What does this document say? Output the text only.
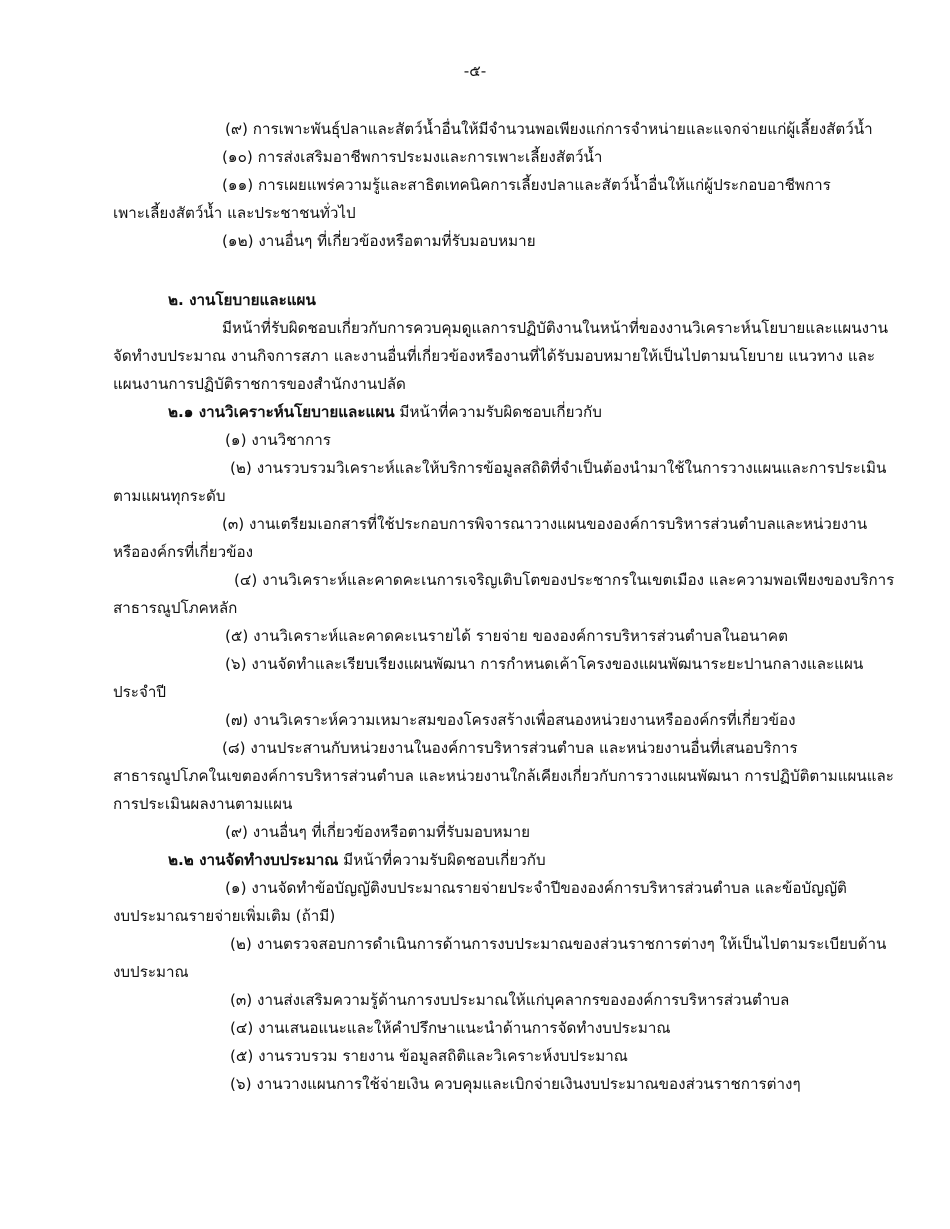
-๕-
(๙) การเพาะพันธุ์ปลาและสัตว์น้ำอื่นให้มีจำนวนพอเพียงแก่การจำหน่ายและแจกจ่ายแก่ผู้เลี้ยงสัตว์น้ำ
(๑๐) การส่งเสริมอาชีพการประมงและการเพาะเลี้ยงสัตว์น้ำ
(๑๑) การเผยแพร่ความรู้และสาธิตเทคนิคการเลี้ยงปลาและสัตว์น้ำอื่นให้แก่ผู้ประกอบอาชีพการ
เพาะเลี้ยงสัตว์น้ำ และประชาชนทั่วไป
(๑๒) งานอื่นๆ ที่เกี่ยวข้องหรือตามที่รับมอบหมาย
๒. งานโยบายและแผน
มีหน้าที่รับผิดชอบเกี่ยวกับการควบคุมดูแลการปฏิบัติงานในหน้าที่ของงานวิเคราะห์นโยบายและแผนงาน
จัดทำงบประมาณ งานกิจการสภา และงานอื่นที่เกี่ยวข้องหรืองานที่ได้รับมอบหมายให้เป็นไปตามนโยบาย แนวทาง และ
แผนงานการปฏิบัติราชการของสำนักงานปลัด
๒.๑ งานวิเคราะห์นโยบายและแผน มีหน้าที่ความรับผิดชอบเกี่ยวกับ
(๑) งานวิชาการ
(๒) งานรวบรวมวิเคราะห์และให้บริการข้อมูลสถิติที่จำเป็นต้องนำมาใช้ในการวางแผนและการประเมิน
ตามแผนทุกระดับ
(๓) งานเตรียมเอกสารที่ใช้ประกอบการพิจารณาวางแผนขององค์การบริหารส่วนตำบลและหน่วยงาน
หรือองค์กรที่เกี่ยวข้อง
(๔) งานวิเคราะห์และคาดคะเนการเจริญเติบโตของประชากรในเขตเมือง และความพอเพียงของบริการ
สาธารณูปโภคหลัก
(๕) งานวิเคราะห์และคาดคะเนรายได้ รายจ่าย ขององค์การบริหารส่วนตำบลในอนาคต
(๖) งานจัดทำและเรียบเรียงแผนพัฒนา การกำหนดเค้าโครงของแผนพัฒนาระยะปานกลางและแผน
ประจำปี
(๗) งานวิเคราะห์ความเหมาะสมของโครงสร้างเพื่อสนองหน่วยงานหรือองค์กรที่เกี่ยวข้อง
(๘) งานประสานกับหน่วยงานในองค์การบริหารส่วนตำบล และหน่วยงานอื่นที่เสนอบริการ
สาธารณูปโภคในเขตองค์การบริหารส่วนตำบล และหน่วยงานใกล้เคียงเกี่ยวกับการวางแผนพัฒนา การปฏิบัติตามแผนและ
การประเมินผลงานตามแผน
(๙) งานอื่นๆ ที่เกี่ยวข้องหรือตามที่รับมอบหมาย
๒.๒ งานจัดทำงบประมาณ มีหน้าที่ความรับผิดชอบเกี่ยวกับ
(๑) งานจัดทำข้อบัญญัติงบประมาณรายจ่ายประจำปีขององค์การบริหารส่วนตำบล และข้อบัญญัติ
งบประมาณรายจ่ายเพิ่มเติม (ถ้ามี)
(๒) งานตรวจสอบการดำเนินการด้านการงบประมาณของส่วนราชการต่างๆ ให้เป็นไปตามระเบียบด้าน
งบประมาณ
(๓) งานส่งเสริมความรู้ด้านการงบประมาณให้แก่บุคลากรขององค์การบริหารส่วนตำบล
(๔) งานเสนอแนะและให้คำปรึกษาแนะนำด้านการจัดทำงบประมาณ
(๕) งานรวบรวม รายงาน ข้อมูลสถิติและวิเคราะห์งบประมาณ
(๖) งานวางแผนการใช้จ่ายเงิน ควบคุมและเบิกจ่ายเงินงบประมาณของส่วนราชการต่างๆ
